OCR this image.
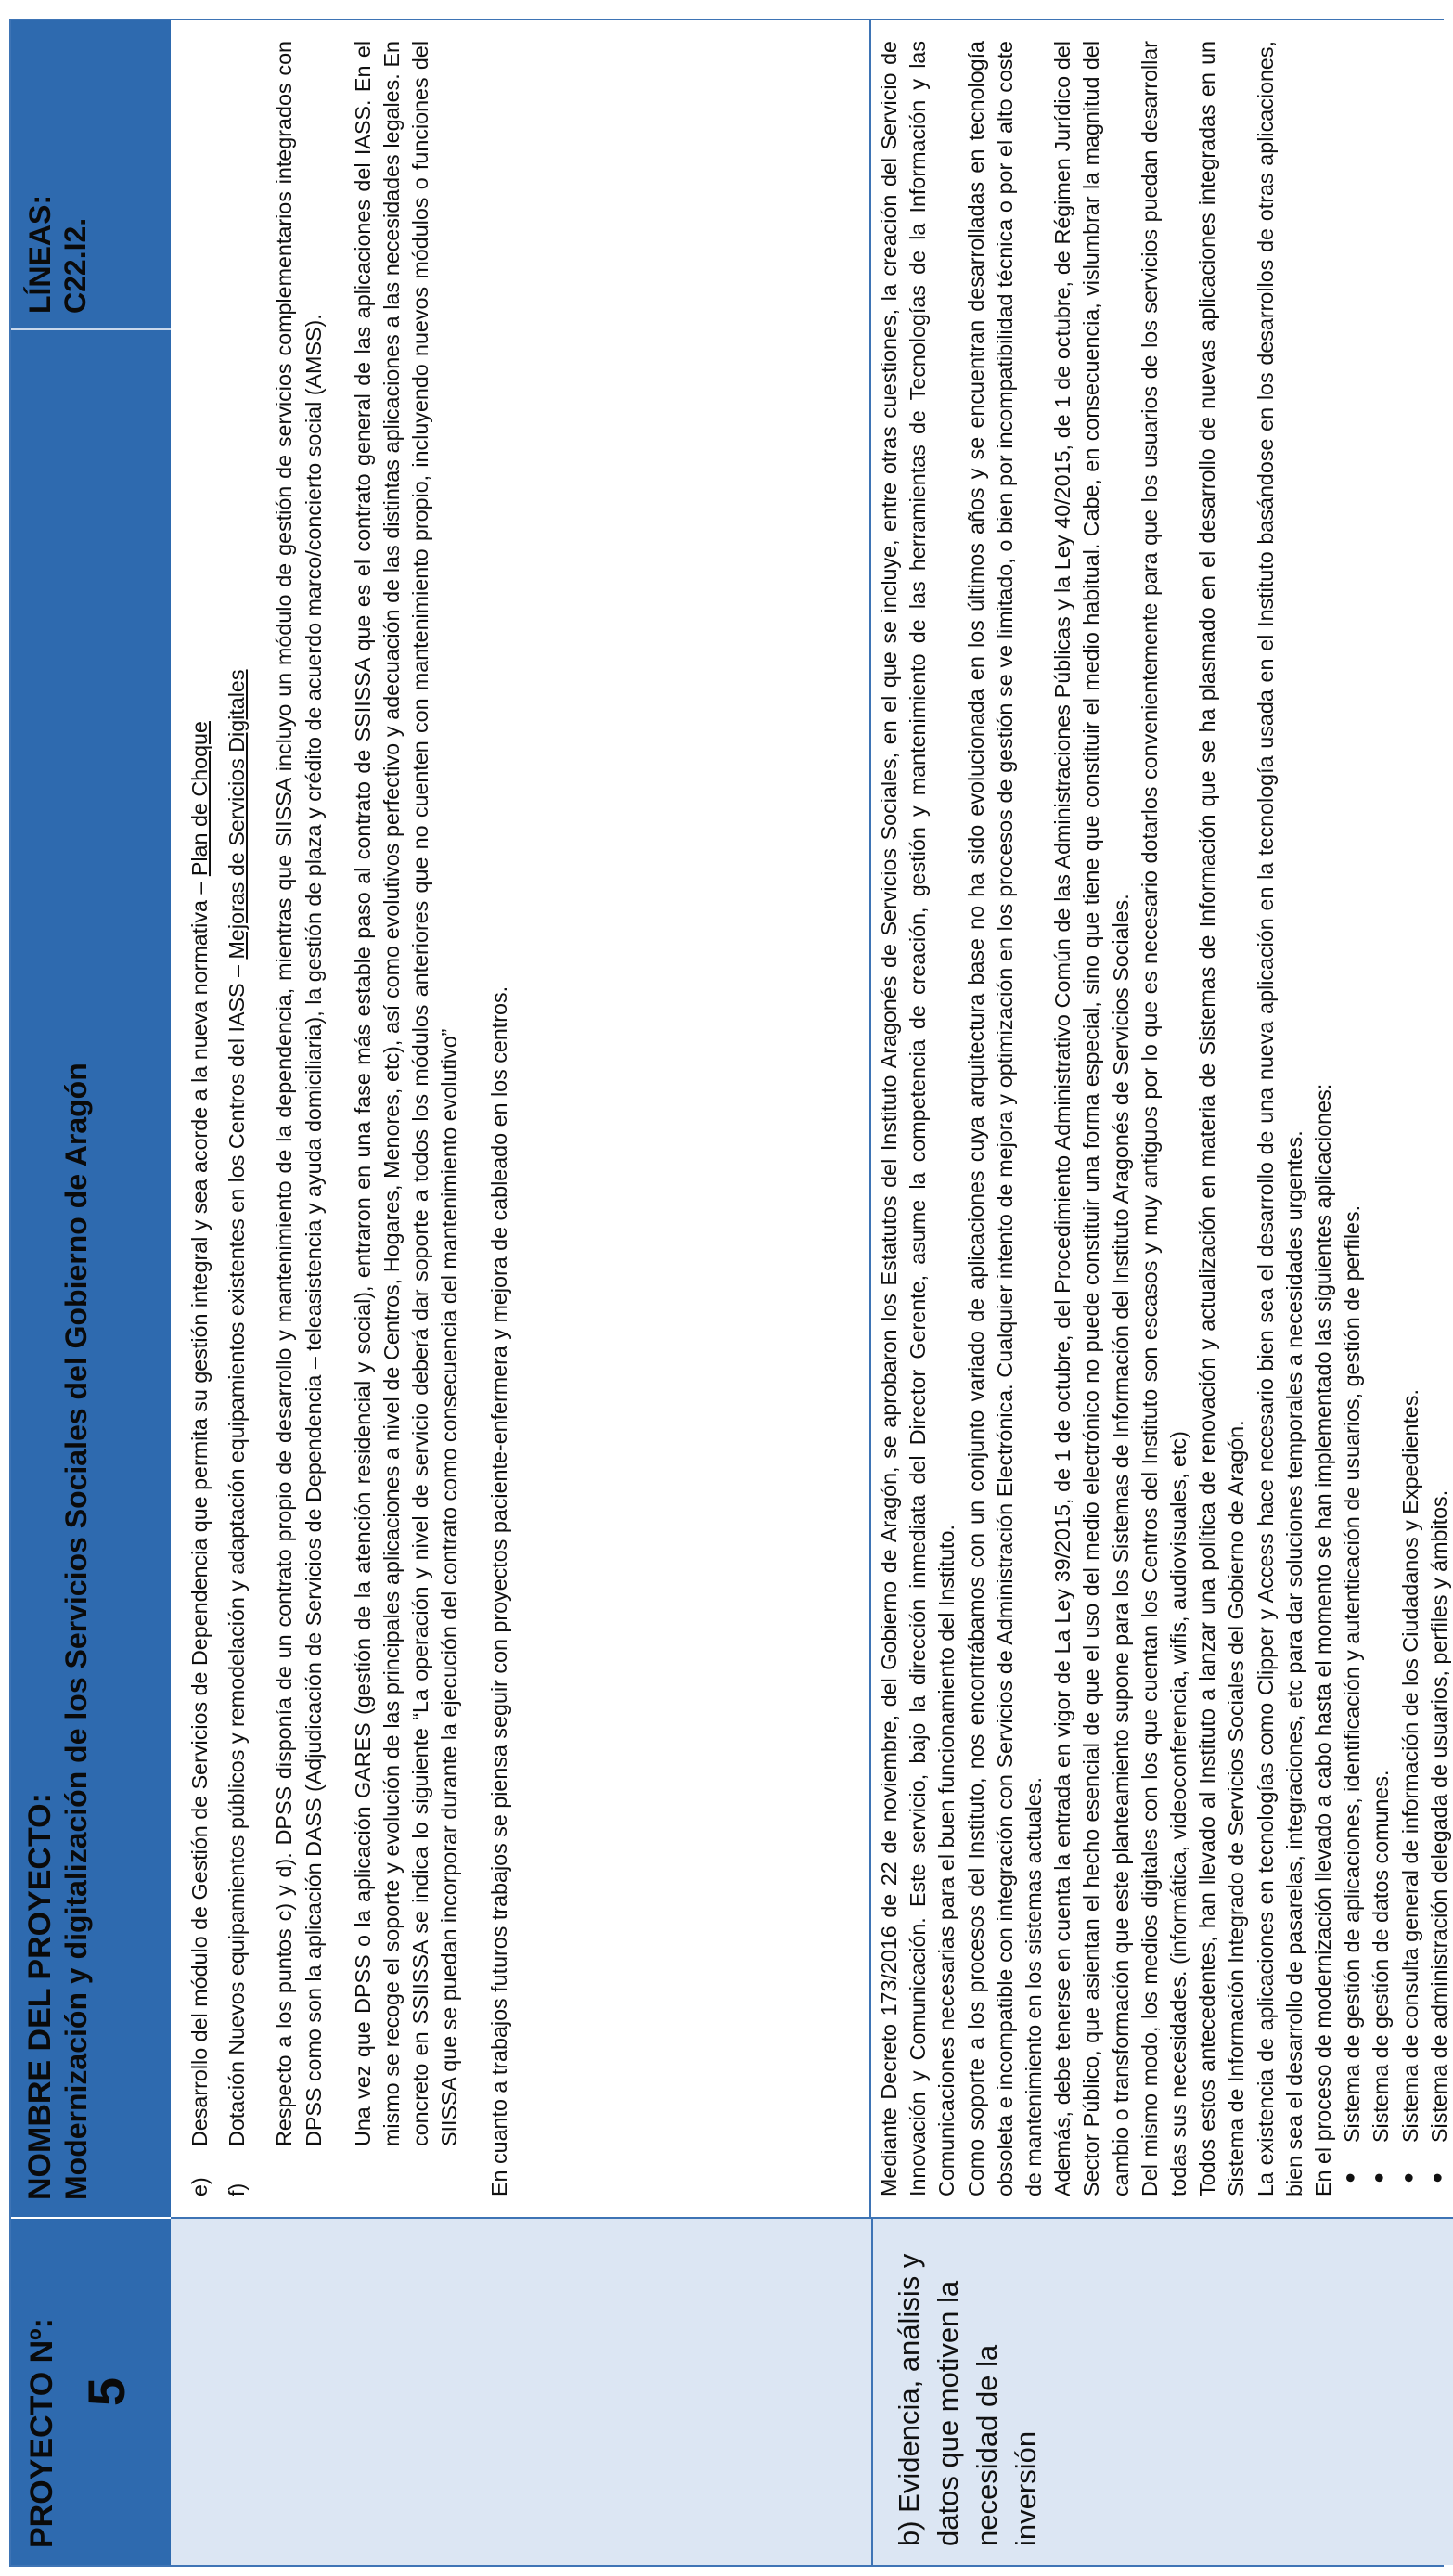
PROYECTO Nº: 5
NOMBRE DEL PROYECTO: Modernización y digitalización de los Servicios Sociales del Gobierno de Aragón
LÍNEAS: C22.I2.
b) Evidencia, análisis y datos que motiven la necesidad de la inversión
e)
Desarrollo del módulo de Gestión de Servicios de Dependencia que permita su gestión integral y sea acorde a la nueva normativa – Plan de Choque
f)
Dotación Nuevos equipamientos públicos y remodelación y adaptación equipamientos existentes en los Centros del IASS – Mejoras de Servicios Digitales Respecto a los puntos c) y d). DPSS disponía de un contrato propio de desarrollo y mantenimiento de la dependencia, mientras que SIISSA incluyo un módulo de gestión de servicios complementarios integrados con DPSS como son la aplicación DASS (Adjudicación de Servicios de Dependencia – teleasistencia y ayuda domiciliaria), la gestión de plaza y crédito de acuerdo marco/concierto social (AMSS). Una vez que DPSS o la aplicación GARES (gestión de la atención residencial y social), entraron en una fase más estable paso al contrato de SSIISSA que es el contrato general de las aplicaciones del IASS. En el mismo se recoge el soporte y evolución de las principales aplicaciones a nivel de Centros, Hogares, Menores, etc), así como evolutivos perfectivo y adecuación de las distintas aplicaciones a las necesidades legales. En concreto en SSIISSA se indica lo siguiente “La operación y nivel de servicio deberá dar soporte a todos los módulos anteriores que no cuenten con mantenimiento propio, incluyendo nuevos módulos o funciones del SIISSA que se puedan incorporar durante la ejecución del contrato como consecuencia del mantenimiento evolutivo” En cuanto a trabajos futuros trabajos se piensa seguir con proyectos paciente-enfermera y mejora de cableado en los centros.	Mediante Decreto 173/2016 de 22 de noviembre, del Gobierno de Aragón, se aprobaron los Estatutos del Instituto Aragonés de Servicios Sociales, en el que se incluye, entre otras cuestiones, la creación del Servicio de Innovación y Comunicación. Este servicio, bajo la dirección inmediata del Director Gerente, asume la competencia de creación, gestión y mantenimiento de las herramientas de Tecnologías de la Información y las Comunicaciones necesarias para el buen funcionamiento del Instituto. Como soporte a los procesos del Instituto, nos encontrábamos con un conjunto variado de aplicaciones cuya arquitectura base no ha sido evolucionada en los últimos años y se encuentran desarrolladas en tecnología obsoleta e incompatible con integración con Servicios de Administración Electrónica. Cualquier intento de mejora y optimización en los procesos de gestión se ve limitado, o bien por incompatibilidad técnica o por el alto coste de mantenimiento en los sistemas actuales. Además, debe tenerse en cuenta la entrada en vigor de La Ley 39/2015, de 1 de octubre, del Procedimiento Administrativo Común de las Administraciones Públicas y la Ley 40/2015, de 1 de octubre, de Régimen Jurídico del Sector Público, que asientan el hecho esencial de que el uso del medio electrónico no puede constituir una forma especial, sino que tiene que constituir el medio habitual. Cabe, en consecuencia, vislumbrar la magnitud del cambio o transformación que este planteamiento supone para los Sistemas de Información del Instituto Aragonés de Servicios Sociales. Del mismo modo, los medios digitales con los que cuentan los Centros del Instituto son escasos y muy antiguos por lo que es necesario dotarlos convenientemente para que los usuarios de los servicios puedan desarrollar todas sus necesidades. (informática, videoconferencia, wifis, audiovisuales, etc) Todos estos antecedentes, han llevado al Instituto a lanzar una política de renovación y actualización en materia de Sistemas de Información que se ha plasmado en el desarrollo de nuevas aplicaciones integradas en un Sistema de Información Integrado de Servicios Sociales del Gobierno de Aragón. La existencia de aplicaciones en tecnologías como Clipper y Access hace necesario bien sea el desarrollo de una nueva aplicación en la tecnología usada en el Instituto basándose en los desarrollos de otras aplicaciones, bien sea el desarrollo de pasarelas, integraciones, etc para dar soluciones temporales a necesidades urgentes. En el proceso de modernización llevado a cabo hasta el momento se han implementado las siguientes aplicaciones: ● Sistema de gestión de aplicaciones, identificación y autenticación de usuarios, gestión de perfiles. ● Sistema de gestión de datos comunes. ● Sistema de consulta general de información de los Ciudadanos y Expedientes. ● Sistema de administración delegada de usuarios, perfiles y ámbitos.
